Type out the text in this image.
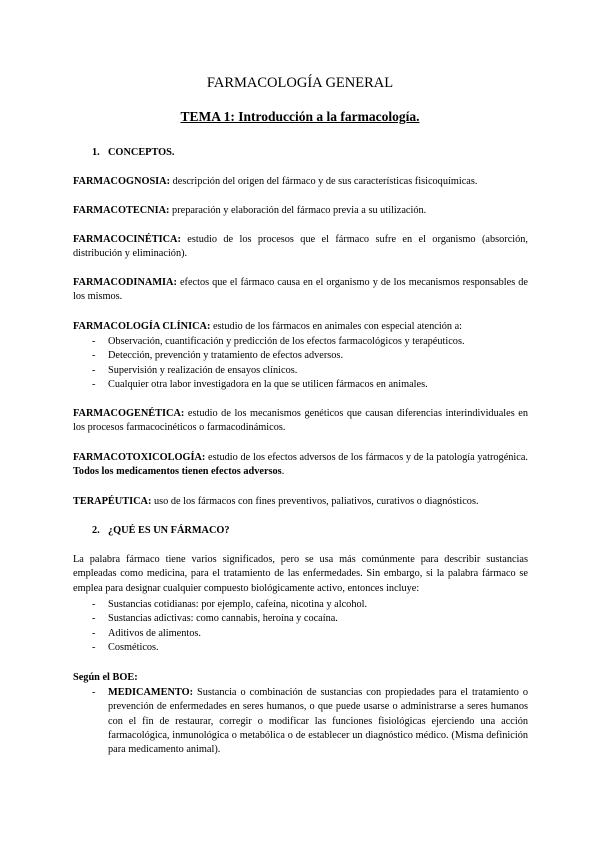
FARMACOLOGÍA GENERAL
TEMA 1: Introducción a la farmacología.
1. CONCEPTOS.
FARMACOGNOSIA: descripción del origen del fármaco y de sus características fisicoquímicas.
FARMACOTECNIA: preparación y elaboración del fármaco previa a su utilización.
FARMACOCINÉTICA: estudio de los procesos que el fármaco sufre en el organismo (absorción, distribución y eliminación).
FARMACODINAMIA: efectos que el fármaco causa en el organismo y de los mecanismos responsables de los mismos.
FARMACOLOGÍA CLÍNICA: estudio de los fármacos en animales con especial atención a:
- Observación, cuantificación y predicción de los efectos farmacológicos y terapéuticos.
- Detección, prevención y tratamiento de efectos adversos.
- Supervisión y realización de ensayos clínicos.
- Cualquier otra labor investigadora en la que se utilicen fármacos en animales.
FARMACOGENÉTICA: estudio de los mecanismos genéticos que causan diferencias interindividuales en los procesos farmacocinéticos o farmacodinámicos.
FARMACOTOXICOLOGÍA: estudio de los efectos adversos de los fármacos y de la patología yatrogénica. Todos los medicamentos tienen efectos adversos.
TERAPÉUTICA: uso de los fármacos con fines preventivos, paliativos, curativos o diagnósticos.
2. ¿QUÉ ES UN FÁRMACO?
La palabra fármaco tiene varios significados, pero se usa más comúnmente para describir sustancias empleadas como medicina, para el tratamiento de las enfermedades. Sin embargo, si la palabra fármaco se emplea para designar cualquier compuesto biológicamente activo, entonces incluye:
- Sustancias cotidianas: por ejemplo, cafeína, nicotina y alcohol.
- Sustancias adictivas: como cannabis, heroína y cocaína.
- Aditivos de alimentos.
- Cosméticos.
Según el BOE:
- MEDICAMENTO: Sustancia o combinación de sustancias con propiedades para el tratamiento o prevención de enfermedades en seres humanos, o que puede usarse o administrarse a seres humanos con el fin de restaurar, corregir o modificar las funciones fisiológicas ejerciendo una acción farmacológica, inmunológica o metabólica o de establecer un diagnóstico médico. (Misma definición para medicamento animal).
